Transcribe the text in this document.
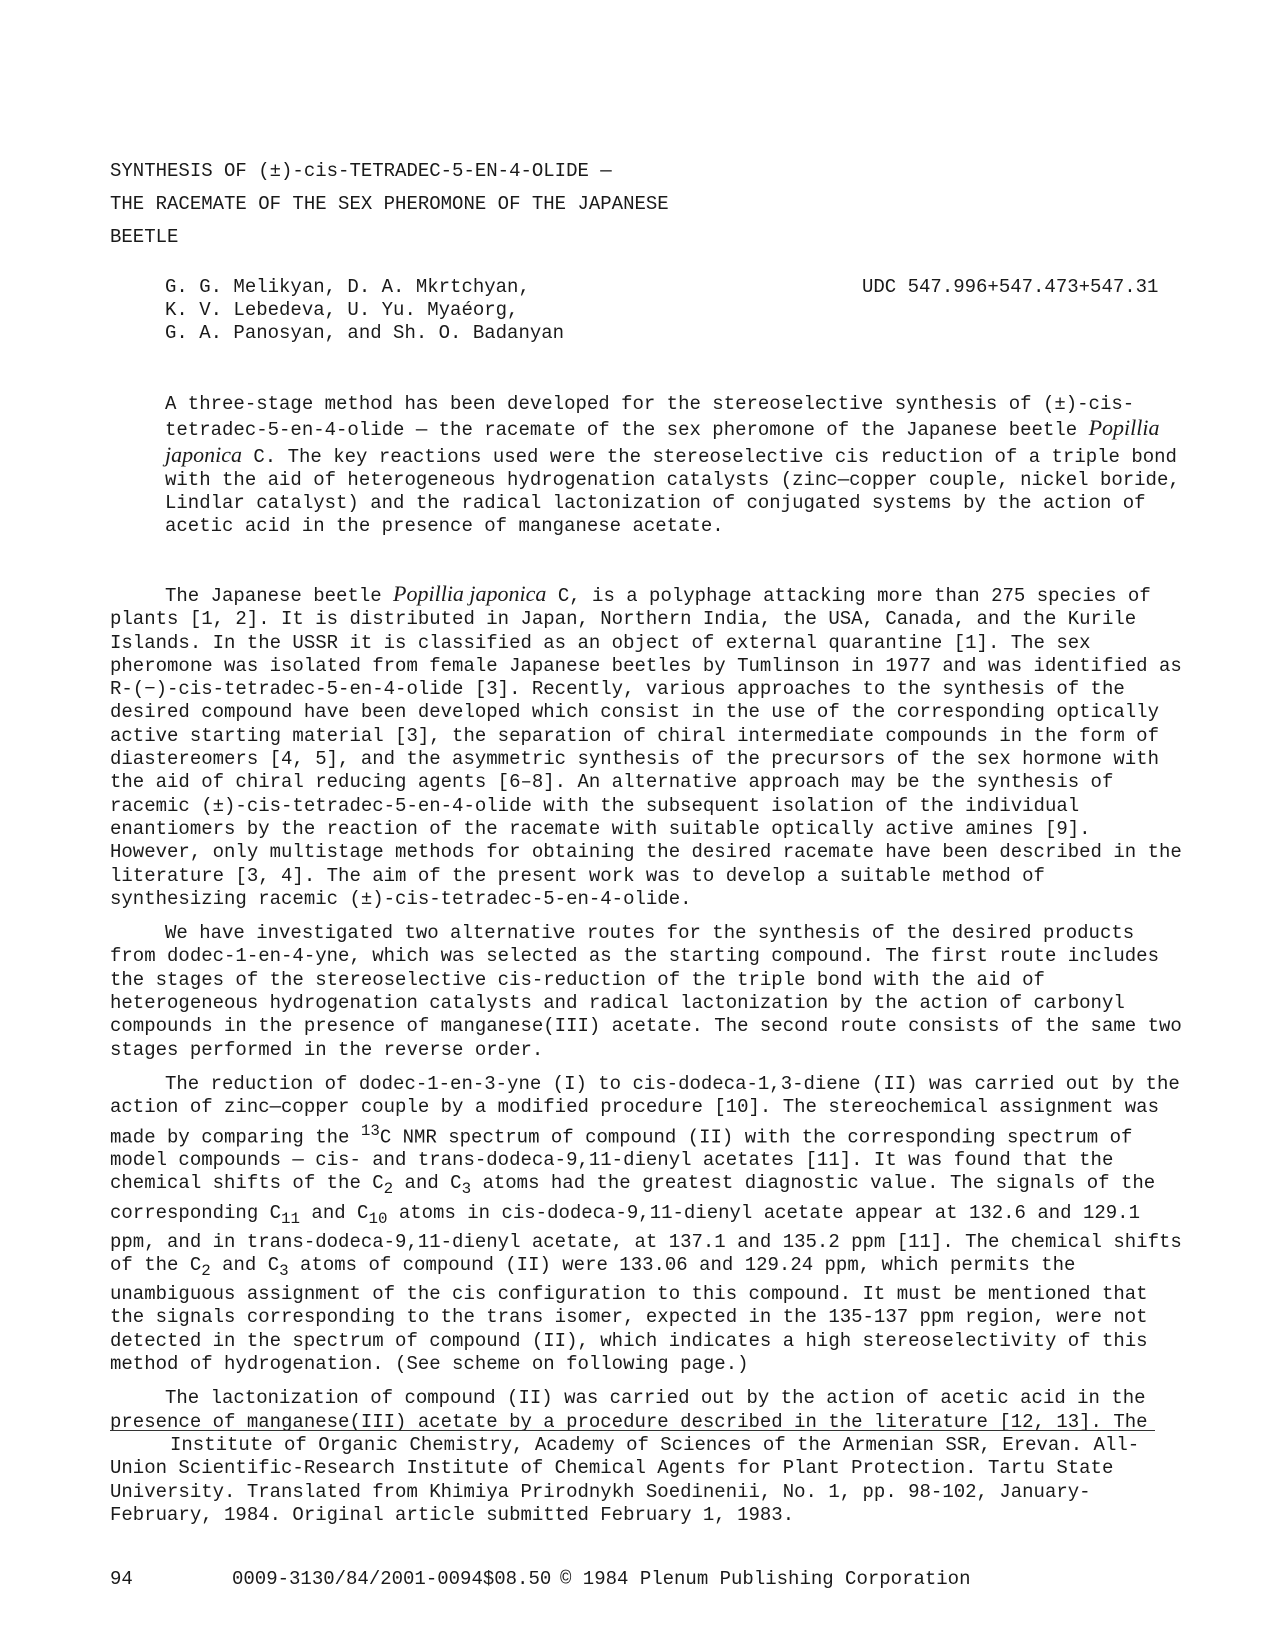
SYNTHESIS OF (±)-cis-TETRADEC-5-EN-4-OLIDE —
THE RACEMATE OF THE SEX PHEROMONE OF THE JAPANESE
BEETLE
G. G. Melikyan, D. A. Mkrtchyan,
K. V. Lebedeva, U. Yu. Myaéorg,
G. A. Panosyan, and Sh. O. Badanyan
UDC 547.996+547.473+547.31
A three-stage method has been developed for the stereoselective synthesis of (±)-cis-tetradec-5-en-4-olide — the racemate of the sex pheromone of the Japanese beetle Popillia japonica C. The key reactions used were the stereoselective cis reduction of a triple bond with the aid of heterogeneous hydrogenation catalysts (zinc—copper couple, nickel boride, Lindlar catalyst) and the radical lactonization of conjugated systems by the action of acetic acid in the presence of manganese acetate.

The Japanese beetle Popillia japonica C, is a polyphage attacking more than 275 species of plants [1, 2]. It is distributed in Japan, Northern India, the USA, Canada, and the Kurile Islands. In the USSR it is classified as an object of external quarantine [1]. The sex pheromone was isolated from female Japanese beetles by Tumlinson in 1977 and was identified as R-(−)-cis-tetradec-5-en-4-olide [3]. Recently, various approaches to the synthesis of the desired compound have been developed which consist in the use of the corresponding optically active starting material [3], the separation of chiral intermediate compounds in the form of diastereomers [4, 5], and the asymmetric synthesis of the precursors of the sex hormone with the aid of chiral reducing agents [6–8]. An alternative approach may be the synthesis of racemic (±)-cis-tetradec-5-en-4-olide with the subsequent isolation of the individual enantiomers by the reaction of the racemate with suitable optically active amines [9]. However, only multistage methods for obtaining the desired racemate have been described in the literature [3, 4]. The aim of the present work was to develop a suitable method of synthesizing racemic (±)-cis-tetradec-5-en-4-olide.

We have investigated two alternative routes for the synthesis of the desired products from dodec-1-en-4-yne, which was selected as the starting compound. The first route includes the stages of the stereoselective cis-reduction of the triple bond with the aid of heterogeneous hydrogenation catalysts and radical lactonization by the action of carbonyl compounds in the presence of manganese(III) acetate. The second route consists of the same two stages performed in the reverse order.

The reduction of dodec-1-en-3-yne (I) to cis-dodeca-1,3-diene (II) was carried out by the action of zinc—copper couple by a modified procedure [10]. The stereochemical assignment was made by comparing the $^{13}$C NMR spectrum of compound (II) with the corresponding spectrum of model compounds — cis- and trans-dodeca-9,11-dienyl acetates [11]. It was found that the chemical shifts of the $C_2$ and $C_3$ atoms had the greatest diagnostic value. The signals of the corresponding $C_{11}$ and $C_{10}$ atoms in cis-dodeca-9,11-dienyl acetate appear at 132.6 and 129.1 ppm, and in trans-dodeca-9,11-dienyl acetate, at 137.1 and 135.2 ppm [11]. The chemical shifts of the $C_2$ and $C_3$ atoms of compound (II) were 133.06 and 129.24 ppm, which permits the unambiguous assignment of the cis configuration to this compound. It must be mentioned that the signals corresponding to the trans isomer, expected in the 135-137 ppm region, were not detected in the spectrum of compound (II), which indicates a high stereoselectivity of this method of hydrogenation. (See scheme on following page.)

The lactonization of compound (II) was carried out by the action of acetic acid in the presence of manganese(III) acetate by a procedure described in the literature [12, 13]. The

Institute of Organic Chemistry, Academy of Sciences of the Armenian SSR, Erevan. All-Union Scientific-Research Institute of Chemical Agents for Plant Protection. Tartu State University. Translated from Khimiya Prirodnykh Soedinenii, No. 1, pp. 98-102, January-February, 1984. Original article submitted February 1, 1983.
94	0009-3130/84/2001-0094$08.50 © 1984 Plenum Publishing Corporation
